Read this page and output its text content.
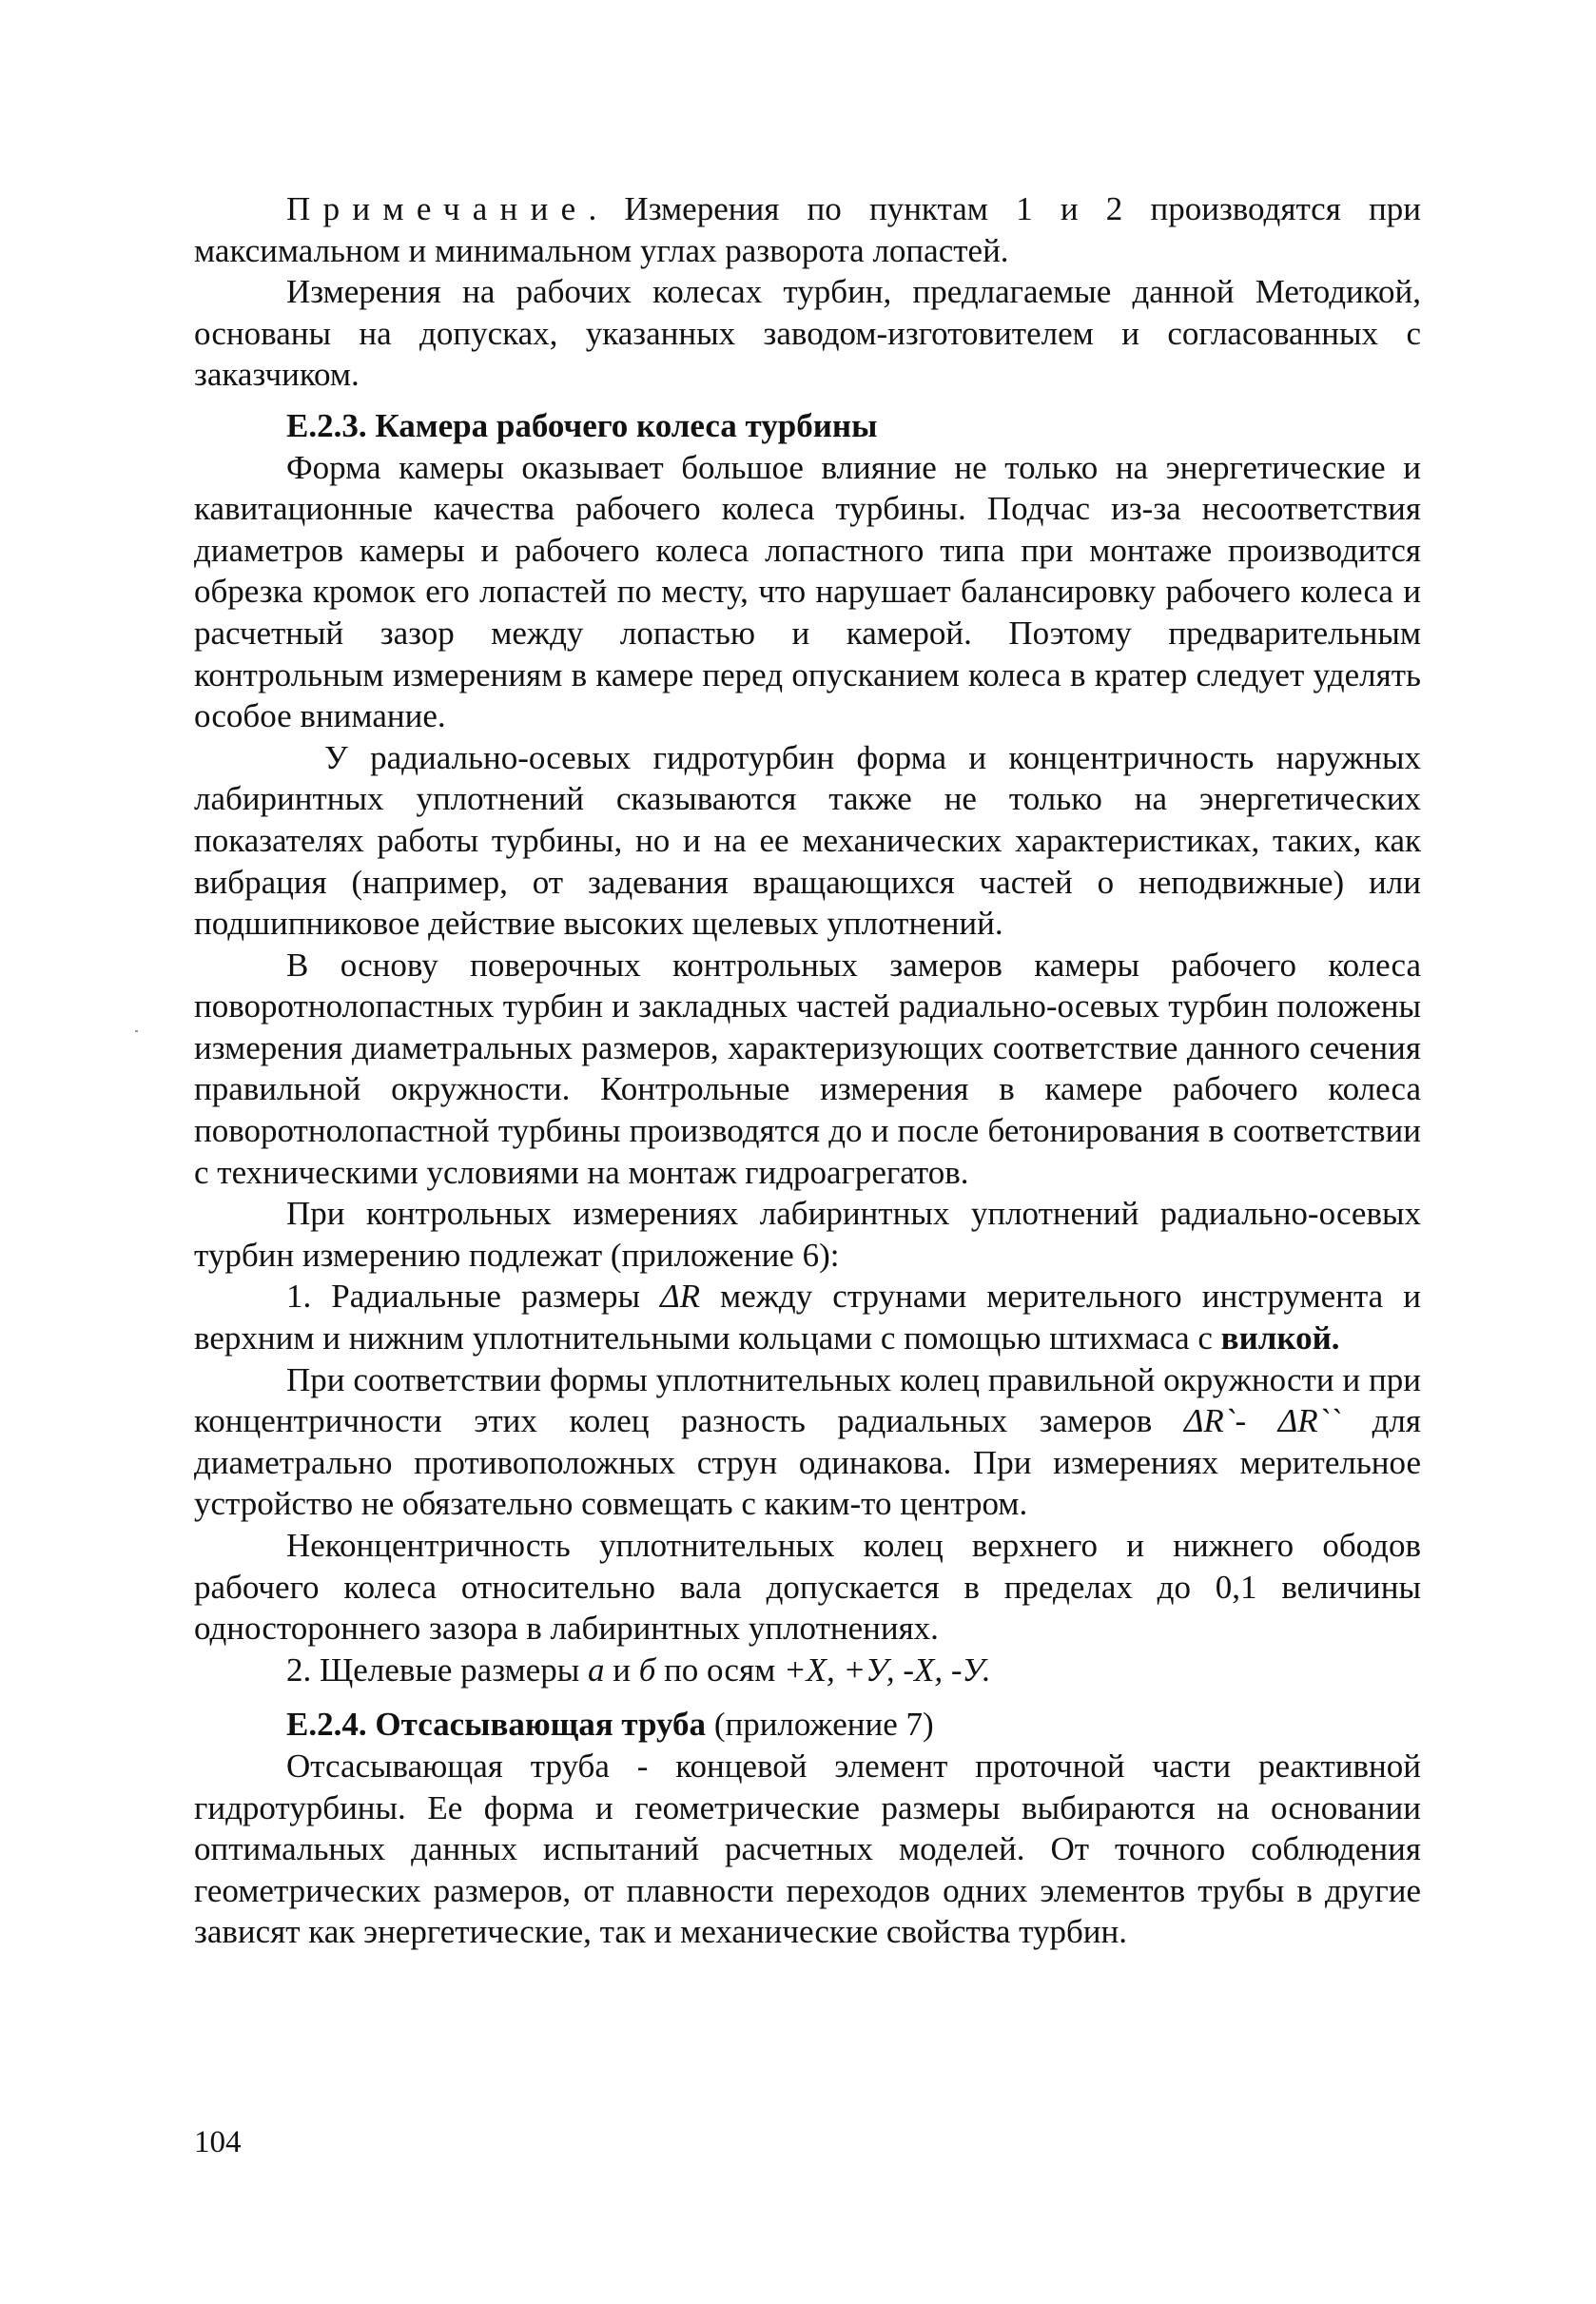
Примечание. Измерения по пунктам 1 и 2 производятся при максимальном и минимальном углах разворота лопастей.

Измерения на рабочих колесах турбин, предлагаемые данной Методикой, основаны на допусках, указанных заводом-изготовителем и согласованных с заказчиком.

Е.2.3. Камера рабочего колеса турбины

Форма камеры оказывает большое влияние не только на энергетические и кавитационные качества рабочего колеса турбины. Подчас из-за несоответствия диаметров камеры и рабочего колеса лопастного типа при монтаже производится обрезка кромок его лопастей по месту, что нарушает балансировку рабочего колеса и расчетный зазор между лопастью и камерой. Поэтому предварительным контрольным измерениям в камере перед опусканием колеса в кратер следует уделять особое внимание.

У радиально-осевых гидротурбин форма и концентричность наружных лабиринтных уплотнений сказываются также не только на энергетических показателях работы турбины, но и на ее механических характеристиках, таких, как вибрация (например, от задевания вращающихся частей о неподвижные) или подшипниковое действие высоких щелевых уплотнений.

В основу поверочных контрольных замеров камеры рабочего колеса поворотнолопастных турбин и закладных частей радиально-осевых турбин положены измерения диаметральных размеров, характеризующих соответствие данного сечения правильной окружности. Контрольные измерения в камере рабочего колеса поворотнолопастной турбины производятся до и после бетонирования в соответствии с техническими условиями на монтаж гидроагрегатов.

При контрольных измерениях лабиринтных уплотнений радиально-осевых турбин измерению подлежат (приложение 6):

1. Радиальные размеры ΔR между струнами мерительного инструмента и верхним и нижним уплотнительными кольцами с помощью штихмаса с вилкой.

При соответствии формы уплотнительных колец правильной окружности и при концентричности этих колец разность радиальных замеров ΔR`- ΔR`` для диаметрально противоположных струн одинакова. При измерениях мерительное устройство не обязательно совмещать с каким-то центром.

Неконцентричность уплотнительных колец верхнего и нижнего ободов рабочего колеса относительно вала допускается в пределах до 0,1 величины одностороннего зазора в лабиринтных уплотнениях.

2. Щелевые размеры а и б по осям +X, +У, -X, -У.

Е.2.4. Отсасывающая труба (приложение 7)

Отсасывающая труба - концевой элемент проточной части реактивной гидротурбины. Ее форма и геометрические размеры выбираются на основании оптимальных данных испытаний расчетных моделей. От точного соблюдения геометрических размеров, от плавности переходов одних элементов трубы в другие зависят как энергетические, так и механические свойства турбин.

104
